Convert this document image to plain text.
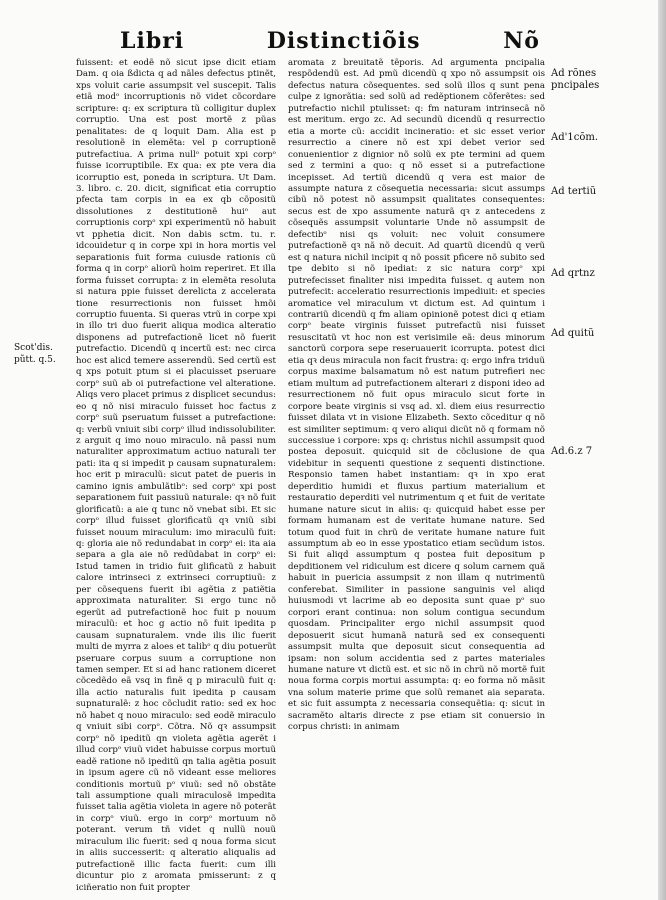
Libri	Distinctiõis	Nõ

fuissent: et eodẽ nõ sicut ipse dicit etiam Dam. q oia ßdicta q ad nãles defectus ptinẽt, xps voluit carie assumpsit vel suscepit. Talis etiã modᵒ incorruptionis nõ videt cõcordare scripture: q: ex scriptura tũ colligitur duplex corruptio. Una est post mortẽ z pũas penalitates: de q loquit Dam. Alia est p resolutionẽ in elemẽta: vel p corruptionẽ putrefactiua. A prima nullᵒ potuit xpi corpᵒ fuisse icorruptibile. Ex qua: ex pte vera dia icorruptio est, poneda in scriptura. Ut Dam. 3. libro. c. 20. dicit, significat etia corruptio pfecta tam corpis in ea ex qb cõpositũ dissolutiones z destitutionẽ huiᵒ aut corruptionis corpᵒ xpi experimentũ nõ habuit vt pphetia dicit. Non dabis sctm. tu. r. idcouidetur q in corpe xpi in hora mortis vel separationis fuit forma cuiusde rationis cũ forma q in corpᵒ aliorũ hoim reperiret. Et illa forma fuisset corrupta: z in elemẽta resoluta si natura ppie fuisset derelicta z accelerata tione resurrectionis non fuisset hmõi corruptio fuuenta. Si queras vtrũ in corpe xpi in illo tri duo fuerit aliqua modica alteratio disponens ad putrefactionẽ licet nõ fuerit putrefactio. Dicendũ q incertũ est: nec circa hoc est alicd temere asserendũ. Sed certũ est q xps potuit ptum si ei placuisset pseruare corpᵒ suũ ab oi putrefactione vel alteratione. Aliqs vero placet primus z displicet secundus: eo q nõ nisi miraculo fuisset hoc factus z corpᵒ suũ pseruatum fuisset a putrefactione: q: verbũ vniuit sibi corpᵒ illud indissolubiliter. z arguit q imo nouo miraculo. nã passi num naturaliter approximatum actiuo naturali ter pati: ita q si impedit p causam supnaturalem: hoc erit p miraculũ: sicut patet de pueris in camino ignis ambulãtibᵒ: sed corpᵒ xpi post separationem fuit passiuũ naturale: qꝛ nõ fuit glorificatũ: a aie q tunc nõ vnebat sibi. Et sic corpᵒ illud fuisset glorificatũ qꝛ vniũ sibi fuisset nouum miraculum: imo miraculũ fuit: q: gloria aie nõ redundabat in corpᵒ ei: ita aia separa a gla aie nõ redũdabat in corpᵒ ei: Istud tamen in tridio fuit glificatũ z habuit calore intrinseci z extrinseci corruptiuũ: z per cõsequens fuerit ibi agẽtia z patiẽtia approximata naturaliter. Si ergo tunc nõ egerũt ad putrefactionẽ hoc fuit p nouum miraculũ: et hoc g actio nõ fuit ipedita p causam supnaturalem. vnde ilis ilic fuerit multi de myrra z aloes et talibᵒ q diu potuerũt pseruare corpus suum a corruptione non tamen semper. Et si ad hanc rationem diceret cõcedẽdo eã vsq in finẽ q p miraculũ fuit q: illa actio naturalis fuit ipedita p causam supnaturalẽ: z hoc cõcludit ratio: sed ex hoc nõ habet q nouo miraculo: sed eodẽ miraculo q vniuit sibi corpᵒ. Cõtra. Nõ qꝛ assumpsit corpᵒ nõ ipeditũ qn violeta agẽtia agerẽt i illud corpᵒ viuũ videt habuisse corpus mortuũ eadẽ ratione nõ ipeditũ qn talia agẽtia posuit in ipsum agere cũ nõ videant esse meliores conditionis mortuũ pᵒ viuũ: sed nõ obstãte tali assumptione quali miraculosẽ impedita fuisset talia agẽtia violeta in agere nõ poterãt in corpᵒ viuũ. ergo in corpᵒ mortuum nõ poterant. verum tñ videt q nullũ nouũ miraculum ilic fuerit: sed q noua forma sicut in aliis successerit: q alteratio aliqualis ad putrefactionẽ illic facta fuerit: cum illi dicuntur pio z aromata pmisserunt: z q iciñeratio non fuit propter

aromata z breuitatẽ tẽporis. Ad argumenta pncipalia respõdendũ est. Ad pmũ dicendũ q xpo nõ assumpsit ois defectus natura cõsequentes. sed solũ illos q sunt pena culpe z ignorãtia: sed solũ ad redẽptionem cõferẽtes: sed putrefactio nichil ptulisset: q: fm naturam intrinsecã nõ est meritum. ergo zc. Ad secundũ dicendũ q resurrectio etia a morte cũ: accidit incineratio: et sic esset verior resurrectio a cinere nõ est xpi debet verior sed conuenientior z dignior nõ solũ ex pte termini ad quem sed z termini a quo: q nõ esset si a putrefactione incepisset. Ad tertiũ dicendũ q vera est maior de assumpte natura z cõsequetia necessaria: sicut assumps cibũ nõ potest nõ assumpsit qualitates consequentes: secus est de xpo assumente naturã qꝛ z antecedens z cõsequẽs assumpsit voluntarie Unde nõ assumpsit de defectibᵒ nisi qs voluit: nec voluit consumere putrefactionẽ qꝛ nã nõ decuit. Ad quartũ dicendũ q verũ est q natura nichil incipit q nõ possit pficere nõ subito sed tpe debito si nõ ipediat: z sic natura corpᵒ xpi putrefecisset finaliter nisi impedita fuisset. q autem non putrefecit: acceleratio resurrectionis impediuit: et species aromatice vel miraculum vt dictum est. Ad quintum i contrariũ dicendũ q fm aliam opinionẽ potest dici q etiam corpᵒ beate virginis fuisset putrefactũ nisi fuisset resuscitatũ vt hoc non est verisimile eã: deus minorum sanctorũ corpora sepe reseruauerit icorrupta. potest dici etia qꝛ deus miracula non facit frustra: q: ergo infra triduũ corpus maxime balsamatum nõ est natum putrefieri nec etiam multum ad putrefactionem alterari z disponi ideo ad resurrectionem nõ fuit opus miraculo sicut forte in corpore beate virginis si vsq ad. xl. diem eius resurrectio fuisset dilata vt in visione Elizabeth. Sexto cõceditur q nõ est similiter septimum: q vero aliqui dicũt nõ q formam nõ successiue i corpore: xps q: christus nichil assumpsit quod postea deposuit. quicquid sit de cõclusione de qua videbitur in sequenti questione z sequenti distinctione. Responsio tamen habet instantiam: qꝛ in xpo erat deperditio humidi et fluxus partium materialium et restauratio deperditi vel nutrimentum q et fuit de veritate humane nature sicut in aliis: q: quicquid habet esse per formam humanam est de veritate humane nature. Sed totum quod fuit in chrũ de veritate humane nature fuit assumptum ab eo in esse ypostatico etiam secũdum istos. Si fuit aliqd assumptum q postea fuit depositum p depditionem vel ridiculum est dicere q solum carnem quã habuit in puericia assumpsit z non illam q nutrimentũ conferebat. Similiter in passione sanguinis vel aliqd huiusmodi vt lacrime ab eo deposita sunt quae pᵒ suo corpori erant continua: non solum contigua secundum quosdam. Principaliter ergo nichil assumpsit quod deposuerit sicut humanã naturã sed ex consequenti assumpsit multa que deposuit sicut consequentia ad ipsam: non solum accidentia sed z partes materiales humane nature vt dictũ est. et sic nõ in chrũ nõ mortẽ fuit noua forma corpis mortui assumpta: q: eo forma nõ mãsit vna solum materie prime que solũ remanet aia separata. et sic fuit assumpta z necessaria consequẽtia: q: sicut in sacramẽto altaris directe z pse etiam sit conuersio in corpus christi: in animam

Scot'dis.
pũtt. q.5.
Ad rõnes
pncipales
Ad'1cõm.
Ad tertiũ
Ad qrtnz
Ad quitũ
Ad.6.z 7
